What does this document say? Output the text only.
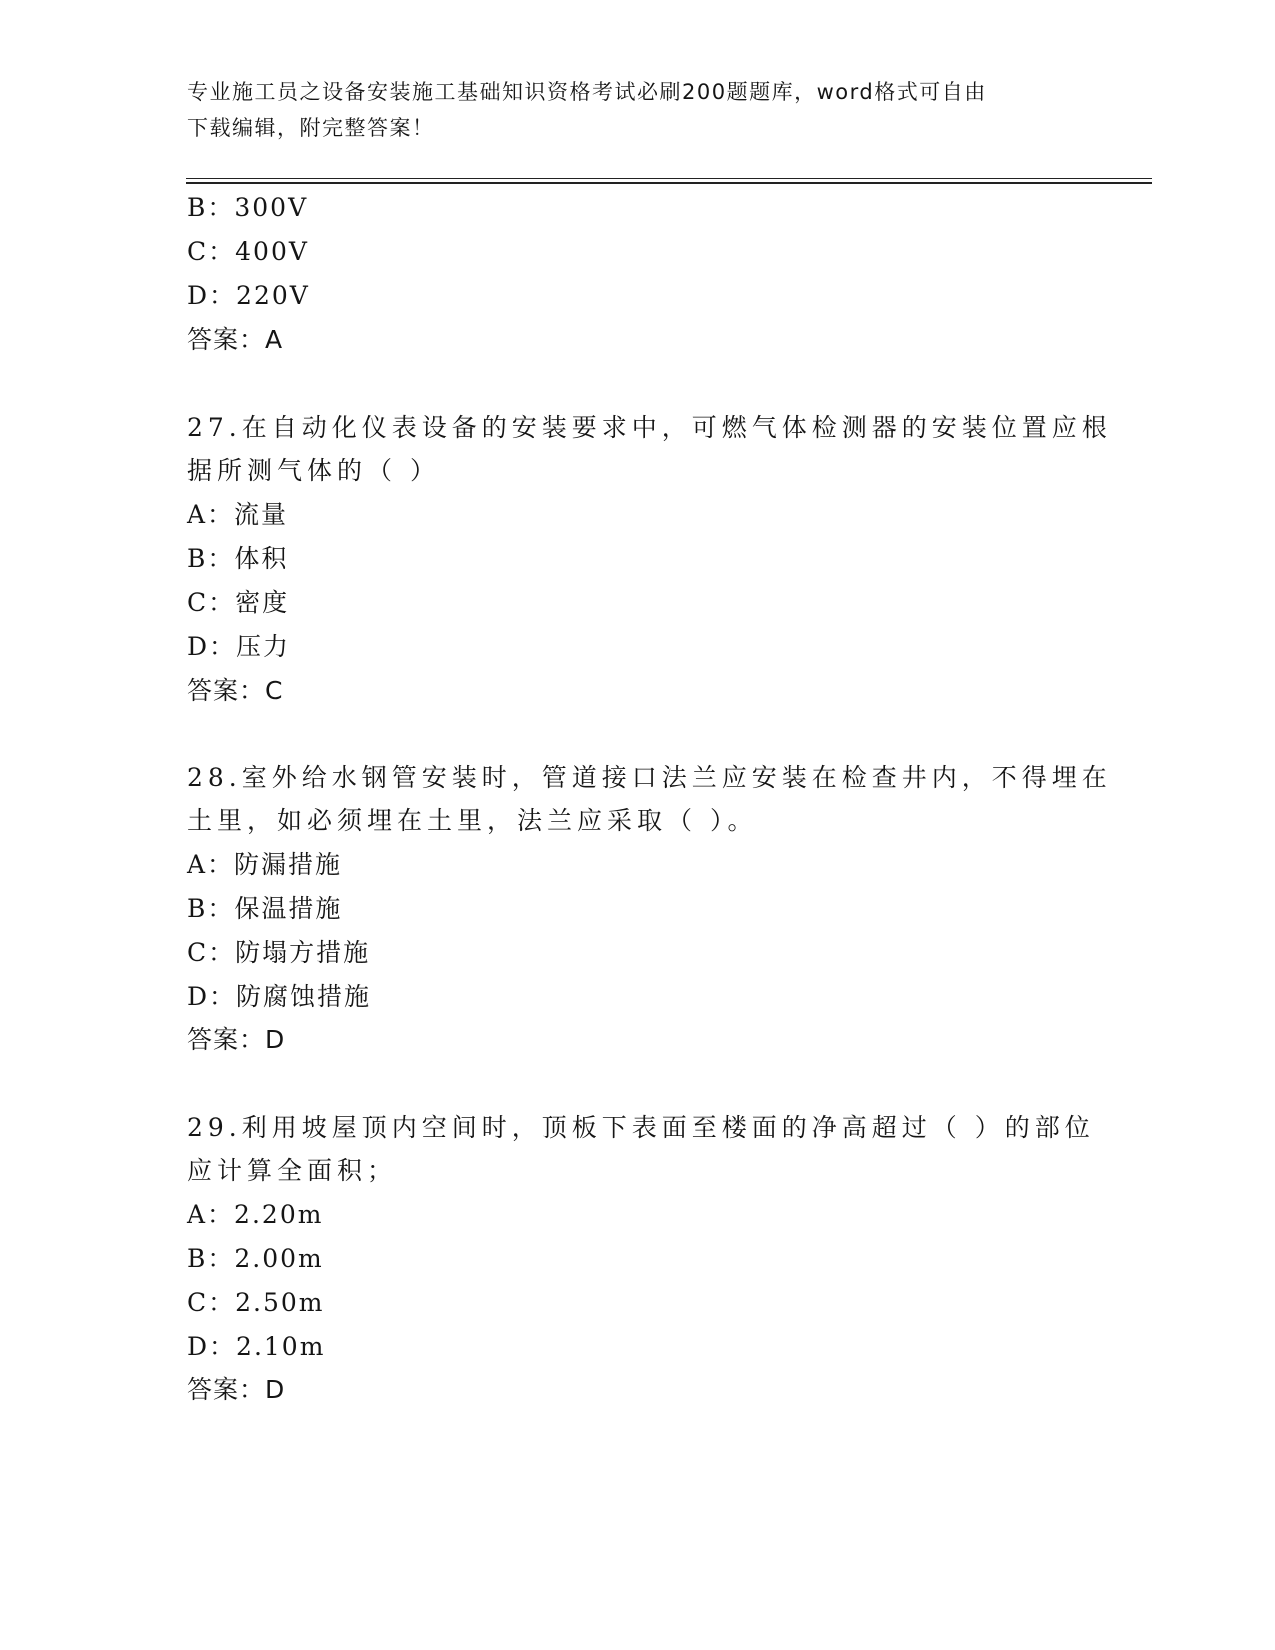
专业施工员之设备安装施工基础知识资格考试必刷200题题库，word格式可自由
下载编辑，附完整答案！
B：300V
C：400V
D：220V
答案：A
27.在自动化仪表设备的安装要求中，可燃气体检测器的安装位置应根
据所测气体的（ ）
A：流量
B：体积
C：密度
D：压力
答案：C
28.室外给水钢管安装时，管道接口法兰应安装在检查井内，不得埋在
土里，如必须埋在土里，法兰应采取（ ）。
A：防漏措施
B：保温措施
C：防塌方措施
D：防腐蚀措施
答案：D
29.利用坡屋顶内空间时，顶板下表面至楼面的净高超过（ ）的部位
应计算全面积；
A：2.20m
B：2.00m
C：2.50m
D：2.10m
答案：D
